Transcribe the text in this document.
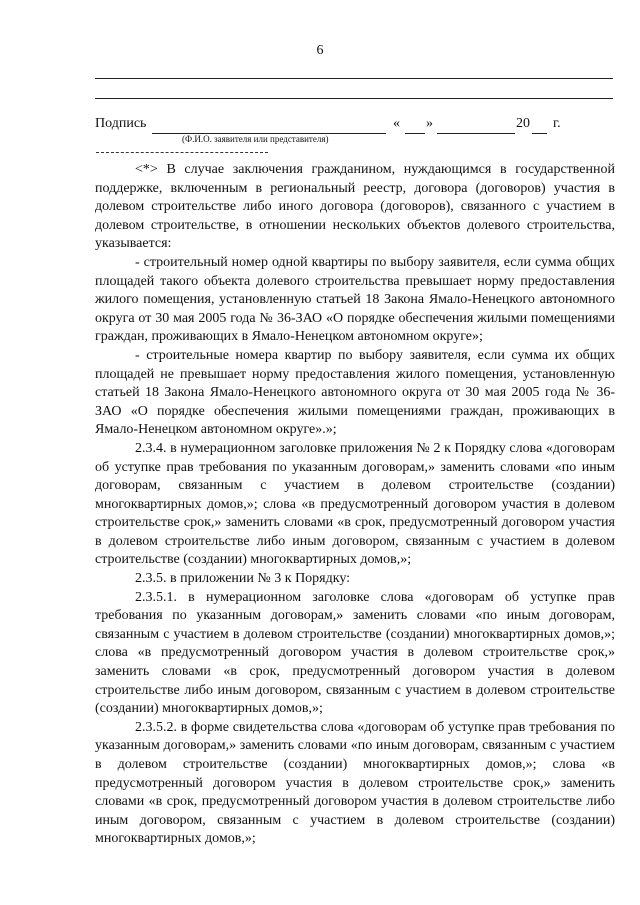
6
Подпись	« »	20 г.
(Ф.И.О. заявителя или представителя)

<*> В случае заключения гражданином, нуждающимся в государственной поддержке, включенным в региональный реестр, договора (договоров) участия в долевом строительстве либо иного договора (договоров), связанного с участием в долевом строительстве, в отношении нескольких объектов долевого строительства, указывается:

- строительный номер одной квартиры по выбору заявителя, если сумма общих площадей такого объекта долевого строительства превышает норму предоставления жилого помещения, установленную статьей 18 Закона Ямало-Ненецкого автономного округа от 30 мая 2005 года № 36-ЗАО «О порядке обеспечения жилыми помещениями граждан, проживающих в Ямало-Ненецком автономном округе»;

- строительные номера квартир по выбору заявителя, если сумма их общих площадей не превышает норму предоставления жилого помещения, установленную статьей 18 Закона Ямало-Ненецкого автономного округа от 30 мая 2005 года № 36-ЗАО «О порядке обеспечения жилыми помещениями граждан, проживающих в Ямало-Ненецком автономном округе».»;

2.3.4. в нумерационном заголовке приложения № 2 к Порядку слова «договорам об уступке прав требования по указанным договорам,» заменить словами «по иным договорам, связанным с участием в долевом строительстве (создании) многоквартирных домов,»; слова «в предусмотренный договором участия в долевом строительстве срок,» заменить словами «в срок, предусмотренный договором участия в долевом строительстве либо иным договором, связанным с участием в долевом строительстве (создании) многоквартирных домов,»;

2.3.5. в приложении № 3 к Порядку:

2.3.5.1. в нумерационном заголовке слова «договорам об уступке прав требования по указанным договорам,» заменить словами «по иным договорам, связанным с участием в долевом строительстве (создании) многоквартирных домов,»; слова «в предусмотренный договором участия в долевом строительстве срок,» заменить словами «в срок, предусмотренный договором участия в долевом строительстве либо иным договором, связанным с участием в долевом строительстве (создании) многоквартирных домов,»;

2.3.5.2. в форме свидетельства слова «договорам об уступке прав требования по указанным договорам,» заменить словами «по иным договорам, связанным с участием в долевом строительстве (создании) многоквартирных домов,»; слова «в предусмотренный договором участия в долевом строительстве срок,» заменить словами «в срок, предусмотренный договором участия в долевом строительстве либо иным договором, связанным с участием в долевом строительстве (создании) многоквартирных домов,»;
